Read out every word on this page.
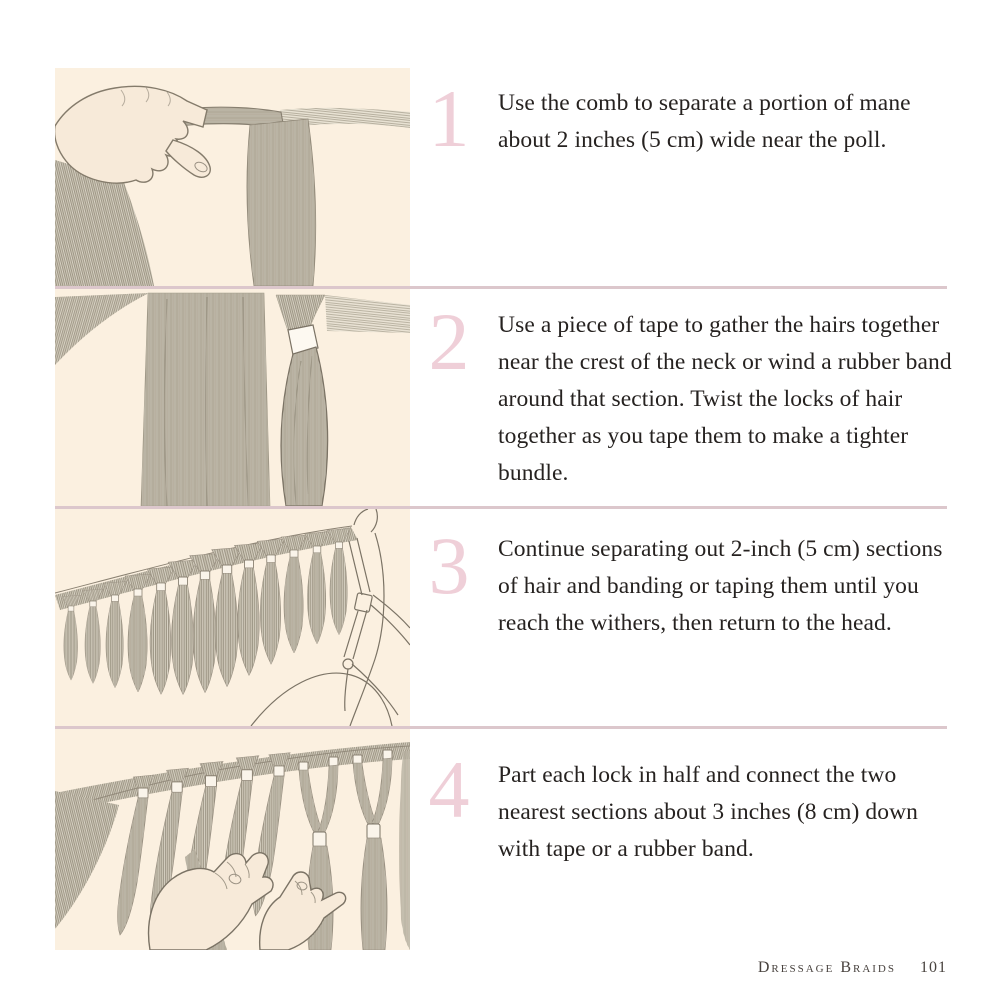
1
2
3
4
Use the comb to separate a portion of mane about 2 inches (5 cm) wide near the poll.
Use a piece of tape to gather the hairs together near the crest of the neck or wind a rubber band around that section. Twist the locks of hair together as you tape them to make a tighter bundle.
Continue separating out 2-inch (5 cm) sections of hair and banding or taping them until you reach the withers, then return to the head.
Part each lock in half and connect the two nearest sections about 3 inches (8 cm) down with tape or a rubber band.
Dressage Braids 101
